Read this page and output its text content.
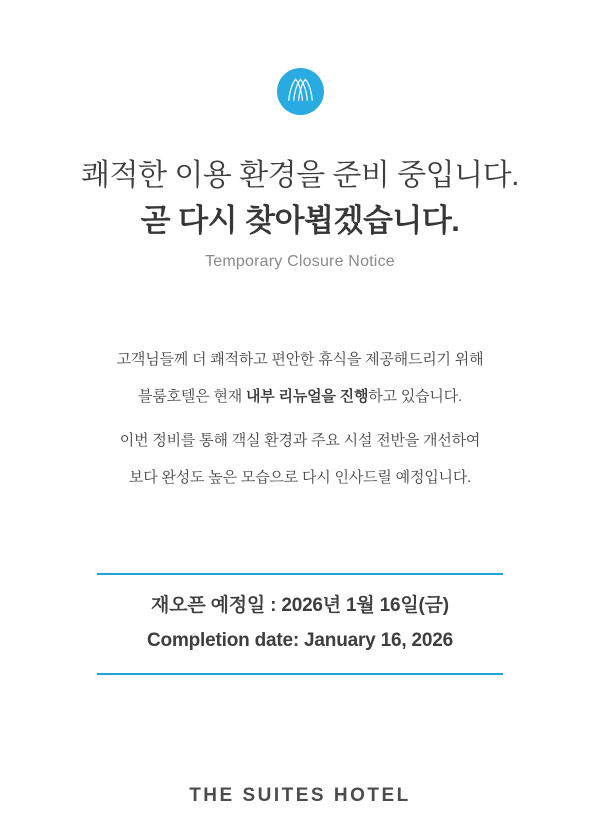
쾌적한 이용 환경을 준비 중입니다.
곧 다시 찾아뵙겠습니다.
Temporary Closure Notice
고객님들께 더 쾌적하고 편안한 휴식을 제공해드리기 위해
블룸호텔은 현재 내부 리뉴얼을 진행하고 있습니다.
이번 정비를 통해 객실 환경과 주요 시설 전반을 개선하여
보다 완성도 높은 모습으로 다시 인사드릴 예정입니다.
재오픈 예정일 : 2026년 1월 16일(금)
Completion date: January 16, 2026
THE SUITES HOTEL
